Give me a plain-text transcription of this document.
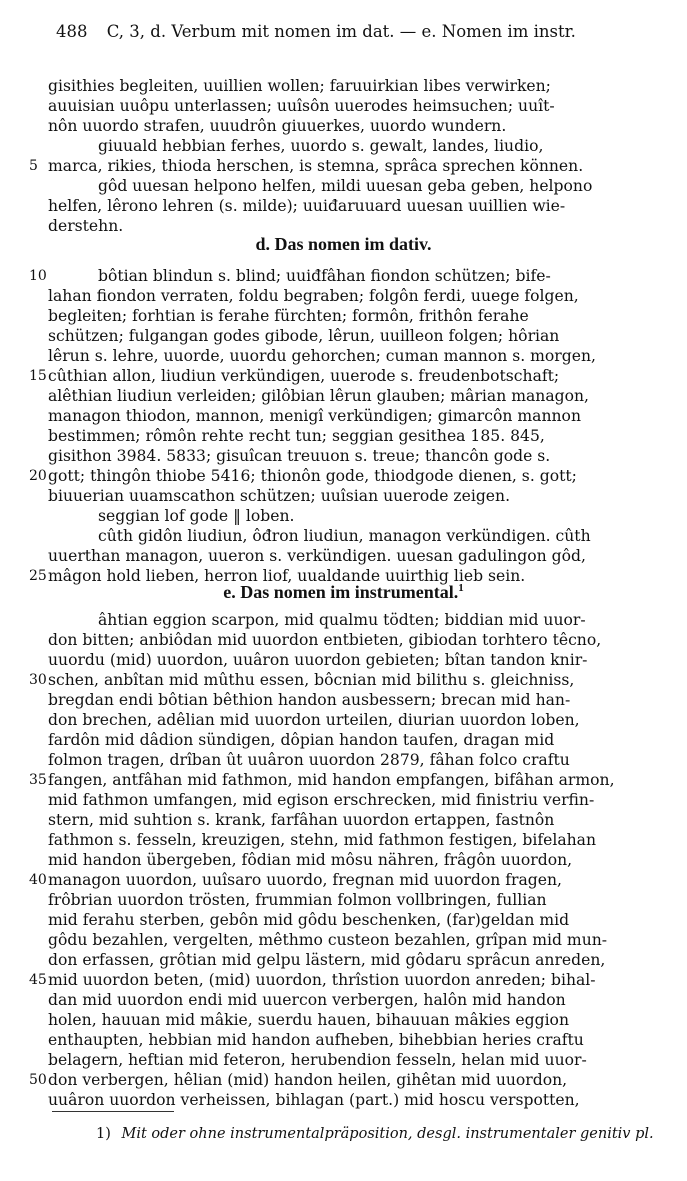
488 C, 3, d. Verbum mit nomen im dat. — e. Nomen im instr.
gisithies begleiten, uuillien wollen; faruuirkian libes verwirken;
auuisian uuôpu unterlassen; uuîsôn uuerodes heimsuchen; uuît-
nôn uuordo strafen, uuudrôn giuuerkes, uuordo wundern.
giuuald hebbian ferhes, uuordo s. gewalt, landes, liudio,
5 marca, rikies, thioda herschen, is stemna, sprâca sprechen können.
gôd uuesan helpono helfen, mildi uuesan geba geben, helpono
helfen, lêrono lehren (s. milde); uuiđaruuard uuesan uuillien wie-
derstehn.
10	bôtian blindun s. blind; uuiđfâhan fiondon schützen; bife-
lahan fiondon verraten, foldu begraben; folgôn ferdi, uuege folgen,
begleiten; forhtian is ferahe fürchten; formôn, frithôn ferahe
schützen; fulgangan godes gibode, lêrun, uuilleon folgen; hôrian
lêrun s. lehre, uuorde, uuordu gehorchen; cuman mannon s. morgen,
15 cûthian allon, liudiun verkündigen, uuerode s. freudenbotschaft;
alêthian liudiun verleiden; gilôbian lêrun glauben; mârian managon,
managon thiodon, mannon, menigî verkündigen; gimarcôn mannon
bestimmen; rômôn rehte recht tun; seggian gesithea 185. 845,
gisithon 3984. 5833; gisuîcan treuuon s. treue; thancôn gode s.
20 gott; thingôn thiobe 5416; thionôn gode, thiodgode dienen, s. gott;
biuuerian uuamscathon schützen; uuîsian uuerode zeigen.
seggian lof gode ‖ loben.
cûth gidôn liudiun, ôđron liudiun, managon verkündigen. cûth
uuerthan managon, uueron s. verkündigen. uuesan gadulingon gôd,
25 mâgon hold lieben, herron liof, uualdande uuirthig lieb sein.
âhtian eggion scarpon, mid qualmu tödten; biddian mid uuor-
don bitten; anbiôdan mid uuordon entbieten, gibiodan torhtero têcno,
uuordu (mid) uuordon, uuâron uuordon gebieten; bîtan tandon knir-
30 schen, anbîtan mid mûthu essen, bôcnian mid bilithu s. gleichniss,
bregdan endi bôtian bêthion handon ausbessern; brecan mid han-
don brechen, adêlian mid uuordon urteilen, diurian uuordon loben,
fardôn mid dâdion sündigen, dôpian handon taufen, dragan mid
folmon tragen, drîban ût uuâron uuordon 2879, fâhan folco craftu
35 fangen, antfâhan mid fathmon, mid handon empfangen, bifâhan armon,
mid fathmon umfangen, mid egison erschrecken, mid finistriu verfin-
stern, mid suhtion s. krank, farfâhan uuordon ertappen, fastnôn
fathmon s. fesseln, kreuzigen, stehn, mid fathmon festigen, bifelahan
mid handon übergeben, fôdian mid môsu nähren, frâgôn uuordon,
40 managon uuordon, uuîsaro uuordo, fregnan mid uuordon fragen,
frôbrian uuordon trösten, frummian folmon vollbringen, fullian
mid ferahu sterben, gebôn mid gôdu beschenken, (far)geldan mid
gôdu bezahlen, vergelten, mêthmo custeon bezahlen, grîpan mid mun-
don erfassen, grôtian mid gelpu lästern, mid gôdaru sprâcun anreden,
45 mid uuordon beten, (mid) uuordon, thrîstion uuordon anreden; bihal-
dan mid uuordon endi mid uuercon verbergen, halôn mid handon
holen, hauuan mid mâkie, suerdu hauen, bihauuan mâkies eggion
enthaupten, hebbian mid handon aufheben, bihebbian heries craftu
belagern, heftian mid feteron, herubendion fesseln, helan mid uuor-
50 don verbergen, hêlian (mid) handon heilen, gihêtan mid uuordon,
uuâron uuordon verheissen, bihlagan (part.) mid hoscu verspotten,
d. Das nomen im dativ.
e. Das nomen im instrumental.$^1$
1) Mit oder ohne instrumentalpräposition, desgl. instrumentaler genitiv pl.
